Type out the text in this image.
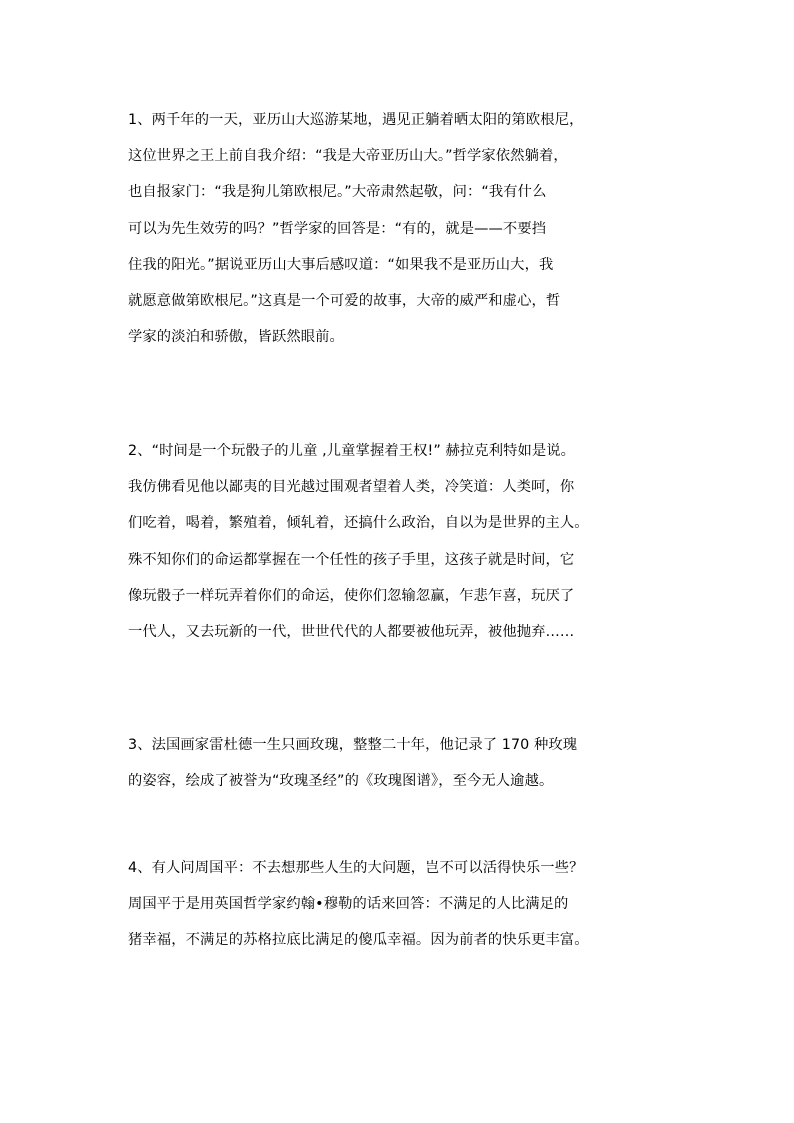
1、两千年的一天，亚历山大巡游某地，遇见正躺着晒太阳的第欧根尼，
这位世界之王上前自我介绍：“我是大帝亚历山大。”哲学家依然躺着，
也自报家门：“我是狗儿第欧根尼。”大帝肃然起敬，问：“我有什么
可以为先生效劳的吗？”哲学家的回答是：“有的，就是——不要挡
住我的阳光。”据说亚历山大事后感叹道：“如果我不是亚历山大，我
就愿意做第欧根尼。”这真是一个可爱的故事，大帝的威严和虚心，哲
学家的淡泊和骄傲，皆跃然眼前。
2、“时间是一个玩骰子的儿童 ,儿童掌握着王权!” 赫拉克利特如是说。
我仿佛看见他以鄙夷的目光越过围观者望着人类，冷笑道：人类呵，你
们吃着，喝着，繁殖着，倾轧着，还搞什么政治，自以为是世界的主人。
殊不知你们的命运都掌握在一个任性的孩子手里，这孩子就是时间，它
像玩骰子一样玩弄着你们的命运，使你们忽输忽赢，乍悲乍喜，玩厌了
一代人，又去玩新的一代，世世代代的人都要被他玩弄，被他抛弃……
3、法国画家雷杜德一生只画玫瑰，整整二十年，他记录了 170 种玫瑰
的姿容，绘成了被誉为“玫瑰圣经”的《玫瑰图谱》，至今无人逾越。
4、有人问周国平：不去想那些人生的大问题，岂不可以活得快乐一些？
周国平于是用英国哲学家约翰•穆勒的话来回答：不满足的人比满足的
猪幸福，不满足的苏格拉底比满足的傻瓜幸福。因为前者的快乐更丰富。
